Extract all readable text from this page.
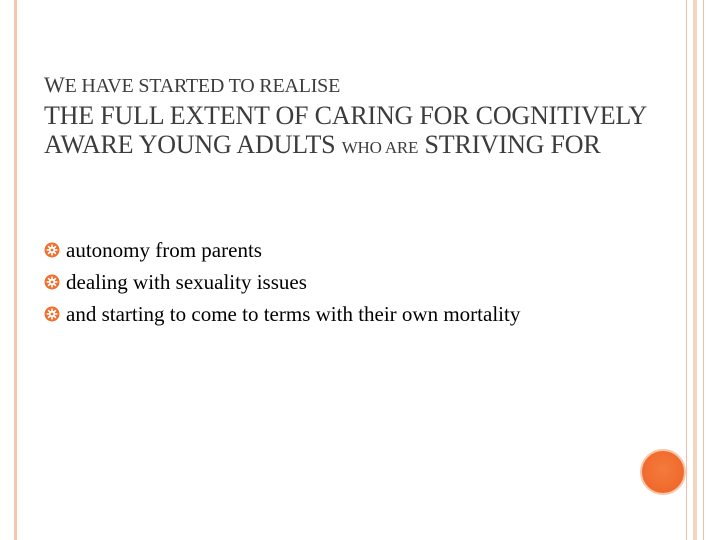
WE HAVE STARTED TO REALISE
THE FULL EXTENT OF CARING FOR COGNITIVELY
AWARE YOUNG ADULTS WHO ARE STRIVING FOR
autonomy from parents
dealing with sexuality issues
and starting to come to terms with their own mortality
